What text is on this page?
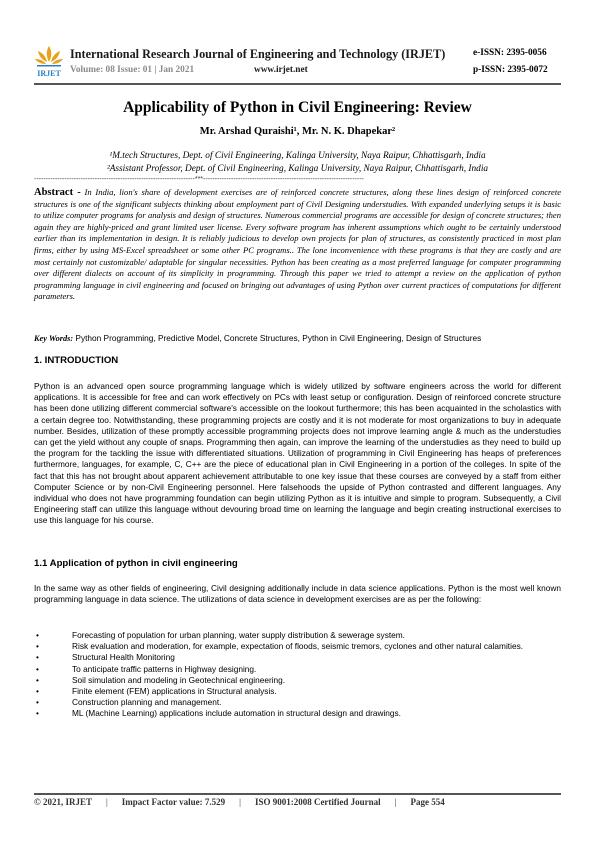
IRJET
International Research Journal of Engineering and Technology (IRJET)
Volume: 08 Issue: 01 | Jan 2021	www.irjet.net
e-ISSN: 2395-0056
p-ISSN: 2395-0072
Applicability of Python in Civil Engineering: Review
Mr. Arshad Quraishi¹, Mr. N. K. Dhapekar²
¹M.tech Structures, Dept. of Civil Engineering, Kalinga University, Naya Raipur, Chhattisgarh, India
²Assistant Professor, Dept. of Civil Engineering, Kalinga University, Naya Raipur, Chhattisgarh, India
---------------------------------------------------------------------***---------------------------------------------------------------------
Abstract - In India, lion's share of development exercises are of reinforced concrete structures, along these lines design of reinforced concrete structures is one of the significant subjects thinking about employment part of Civil Designing understudies. With expanded underlying setups it is basic to utilize computer programs for analysis and design of structures. Numerous commercial programs are accessible for design of concrete structures; then again they are highly-priced and grant limited user license. Every software program has inherent assumptions which ought to be certainly understood earlier than its implementation in design. It is reliably judicious to develop own projects for plan of structures, as consistently practiced in most plan firms, either by using MS-Excel spreadsheet or some other PC programs.. The lone inconvenience with these programs is that they are costly and are most certainly not customizable/ adaptable for singular necessities. Python has been creating as a most preferred language for computer programming over different dialects on account of its simplicity in programming. Through this paper we tried to attempt a review on the application of python programming language in civil engineering and focused on bringing out advantages of using Python over current practices of computations for different parameters.
Key Words: Python Programming, Predictive Model, Concrete Structures, Python in Civil Engineering, Design of Structures
1. INTRODUCTION
Python is an advanced open source programming language which is widely utilized by software engineers across the world for different applications. It is accessible for free and can work effectively on PCs with least setup or configuration. Design of reinforced concrete structure has been done utilizing different commercial software's accessible on the lookout furthermore; this has been acquainted in the scholastics with a certain degree too. Notwithstanding, these programming projects are costly and it is not moderate for most organizations to buy in adequate number. Besides, utilization of these promptly accessible programming projects does not improve learning angle & much as the understudies can get the yield without any couple of snaps. Programming then again, can improve the learning of the understudies as they need to build up the program for the tackling the issue with differentiated situations. Utilization of programming in Civil Engineering has heaps of preferences furthermore, languages, for example, C, C++ are the piece of educational plan in Civil Engineering in a portion of the colleges. In spite of the fact that this has not brought about apparent achievement attributable to one key issue that these courses are conveyed by a staff from either Computer Science or by non-Civil Engineering personnel. Here falsehoods the upside of Python contrasted and different languages. Any individual who does not have programming foundation can begin utilizing Python as it is intuitive and simple to program. Subsequently, a Civil Engineering staff can utilize this language without devouring broad time on learning the language and begin creating instructional exercises to use this language for his course.
1.1 Application of python in civil engineering
In the same way as other fields of engineering, Civil designing additionally include in data science applications. Python is the most well known programming language in data science. The utilizations of data science in development exercises are as per the following:
•	Forecasting of population for urban planning, water supply distribution & sewerage system.
•	Risk evaluation and moderation, for example, expectation of floods, seismic tremors, cyclones and other natural calamities.
•	Structural Health Monitoring
•	To anticipate traffic patterns in Highway designing.
•	Soil simulation and modeling in Geotechnical engineering.
•	Finite element (FEM) applications in Structural analysis.
•	Construction planning and management.
•	ML (Machine Learning) applications include automation in structural design and drawings.
© 2021, IRJET | Impact Factor value: 7.529 | ISO 9001:2008 Certified Journal | Page 554
